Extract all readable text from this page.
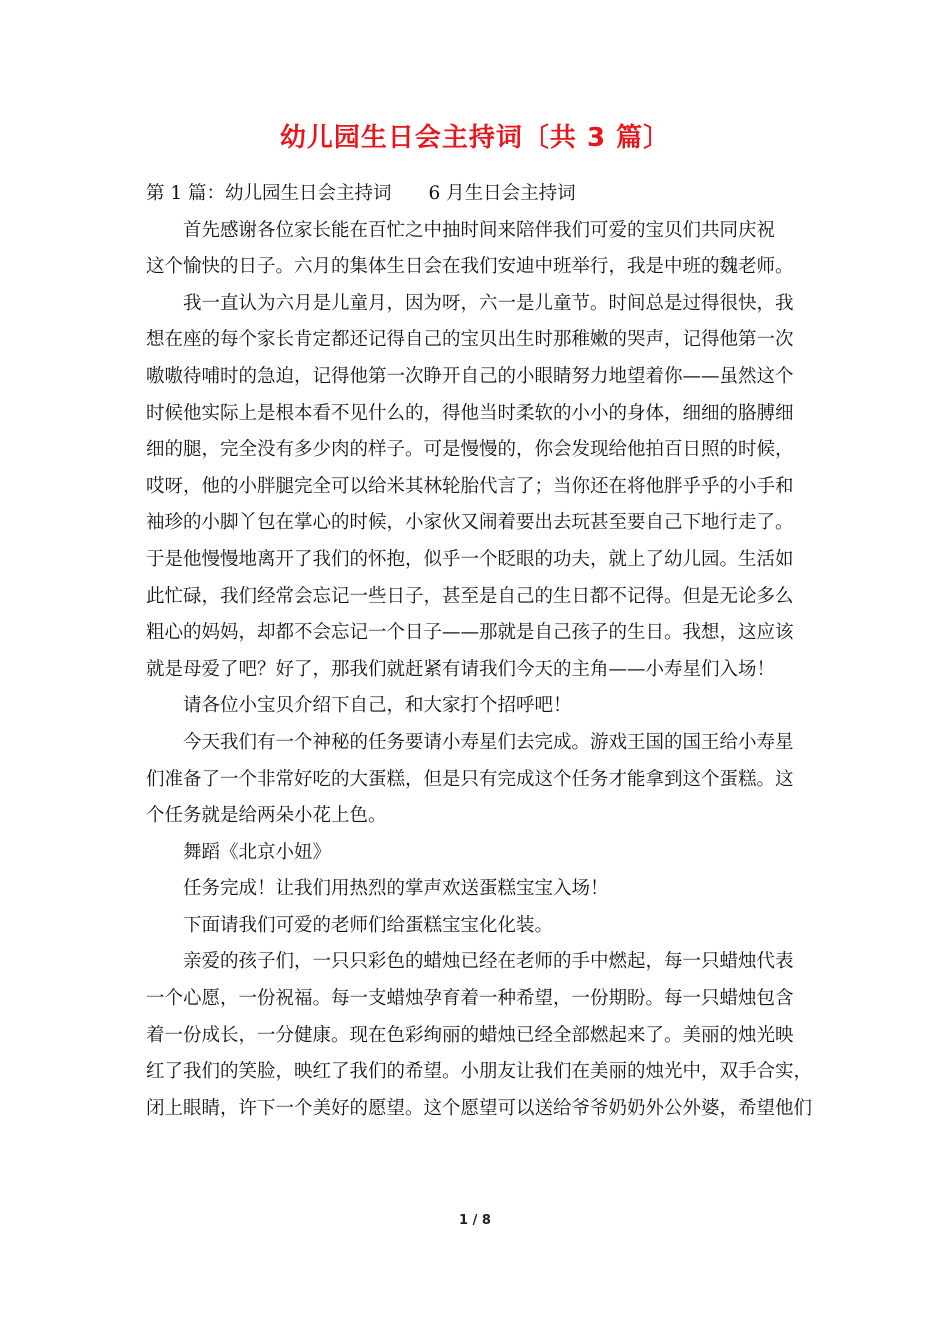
幼儿园生日会主持词〔共 3 篇〕
第 1 篇：幼儿园生日会主持词　　6 月生日会主持词
首先感谢各位家长能在百忙之中抽时间来陪伴我们可爱的宝贝们共同庆祝
这个愉快的日子。六月的集体生日会在我们安迪中班举行，我是中班的魏老师。
我一直认为六月是儿童月，因为呀，六一是儿童节。时间总是过得很快，我
想在座的每个家长肯定都还记得自己的宝贝出生时那稚嫩的哭声，记得他第一次
嗷嗷待哺时的急迫，记得他第一次睁开自己的小眼睛努力地望着你——虽然这个
时候他实际上是根本看不见什么的，得他当时柔软的小小的身体，细细的胳膊细
细的腿，完全没有多少肉的样子。可是慢慢的，你会发现给他拍百日照的时候，
哎呀，他的小胖腿完全可以给米其林轮胎代言了；当你还在将他胖乎乎的小手和
袖珍的小脚丫包在掌心的时候，小家伙又闹着要出去玩甚至要自己下地行走了。
于是他慢慢地离开了我们的怀抱，似乎一个眨眼的功夫，就上了幼儿园。生活如
此忙碌，我们经常会忘记一些日子，甚至是自己的生日都不记得。但是无论多么
粗心的妈妈，却都不会忘记一个日子——那就是自己孩子的生日。我想，这应该
就是母爱了吧？好了，那我们就赶紧有请我们今天的主角——小寿星们入场！
请各位小宝贝介绍下自己，和大家打个招呼吧！
今天我们有一个神秘的任务要请小寿星们去完成。游戏王国的国王给小寿星
们准备了一个非常好吃的大蛋糕，但是只有完成这个任务才能拿到这个蛋糕。这
个任务就是给两朵小花上色。
舞蹈《北京小妞》
任务完成！让我们用热烈的掌声欢送蛋糕宝宝入场！
下面请我们可爱的老师们给蛋糕宝宝化化装。
亲爱的孩子们，一只只彩色的蜡烛已经在老师的手中燃起，每一只蜡烛代表
一个心愿，一份祝福。每一支蜡烛孕育着一种希望，一份期盼。每一只蜡烛包含
着一份成长，一分健康。现在色彩绚丽的蜡烛已经全部燃起来了。美丽的烛光映
红了我们的笑脸，映红了我们的希望。小朋友让我们在美丽的烛光中，双手合实，
闭上眼睛，许下一个美好的愿望。这个愿望可以送给爷爷奶奶外公外婆，希望他们
1 / 8
